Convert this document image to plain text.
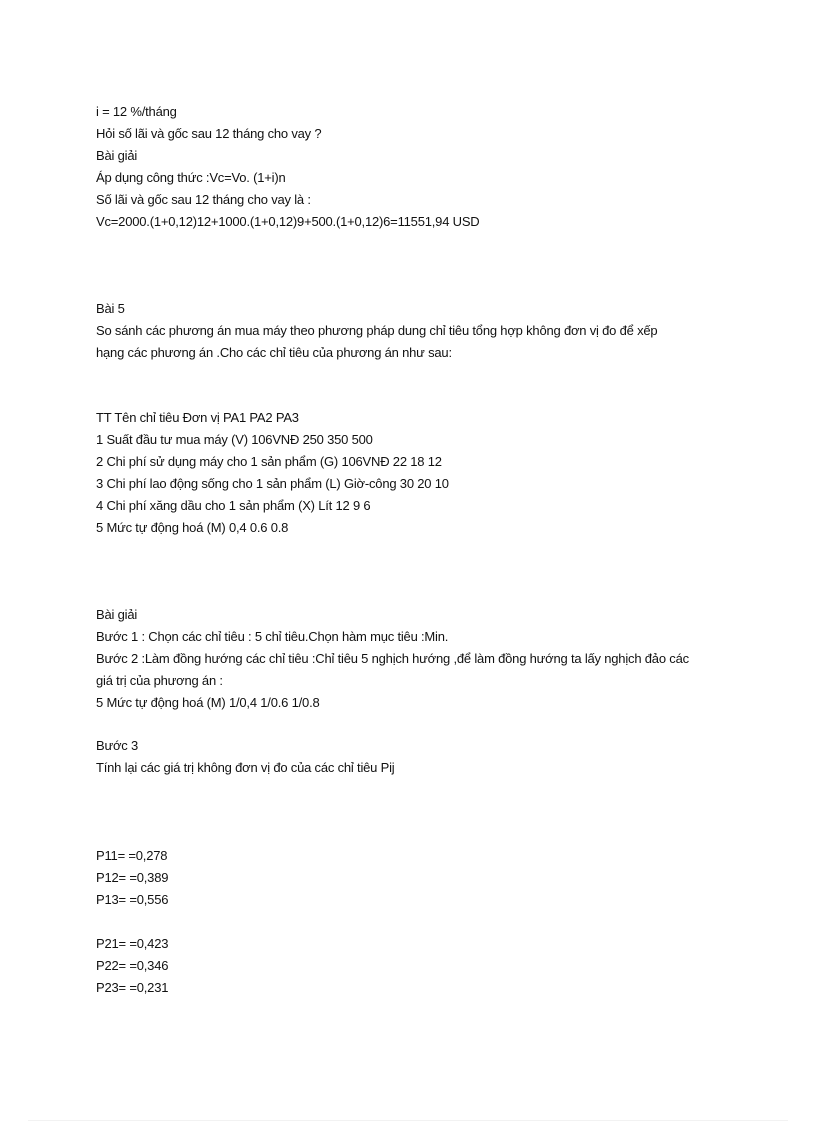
i = 12 %/tháng
Hỏi số lãi và gốc sau 12 tháng cho vay ?
Bài giải
Áp dụng công thức :Vc=Vo. (1+i)n
Số lãi và gốc sau 12 tháng cho vay là :
Vc=2000.(1+0,12)12+1000.(1+0,12)9+500.(1+0,12)6=11551,94 USD
Bài 5
So sánh các phương án mua máy theo phương pháp dung chỉ tiêu tổng hợp không đơn vị đo để xếp
hạng các phương án .Cho các chỉ tiêu của phương án như sau:
TT Tên chỉ tiêu Đơn vị PA1 PA2 PA3
1 Suất đầu tư mua máy (V) 106VNĐ 250 350 500
2 Chi phí sử dụng máy cho 1 sản phẩm (G) 106VNĐ 22 18 12
3 Chi phí lao động sống cho 1 sản phẩm (L) Giờ-công 30 20 10
4 Chi phí xăng dầu cho 1 sản phẩm (X) Lít 12 9 6
5 Mức tự động hoá (M) 0,4 0.6 0.8
Bài giải
Bước 1 : Chọn các chỉ tiêu : 5 chỉ tiêu.Chọn hàm mục tiêu :Min.
Bước 2 :Làm đồng hướng các chỉ tiêu :Chỉ tiêu 5 nghịch hướng ,để làm đồng hướng ta lấy nghịch đảo các
giá trị của phương án :
5 Mức tự động hoá (M) 1/0,4 1/0.6 1/0.8
Bước 3
Tính lại các giá trị không đơn vị đo của các chỉ tiêu Pij
P11= =0,278
P12= =0,389
P13= =0,556
P21= =0,423
P22= =0,346
P23= =0,231
